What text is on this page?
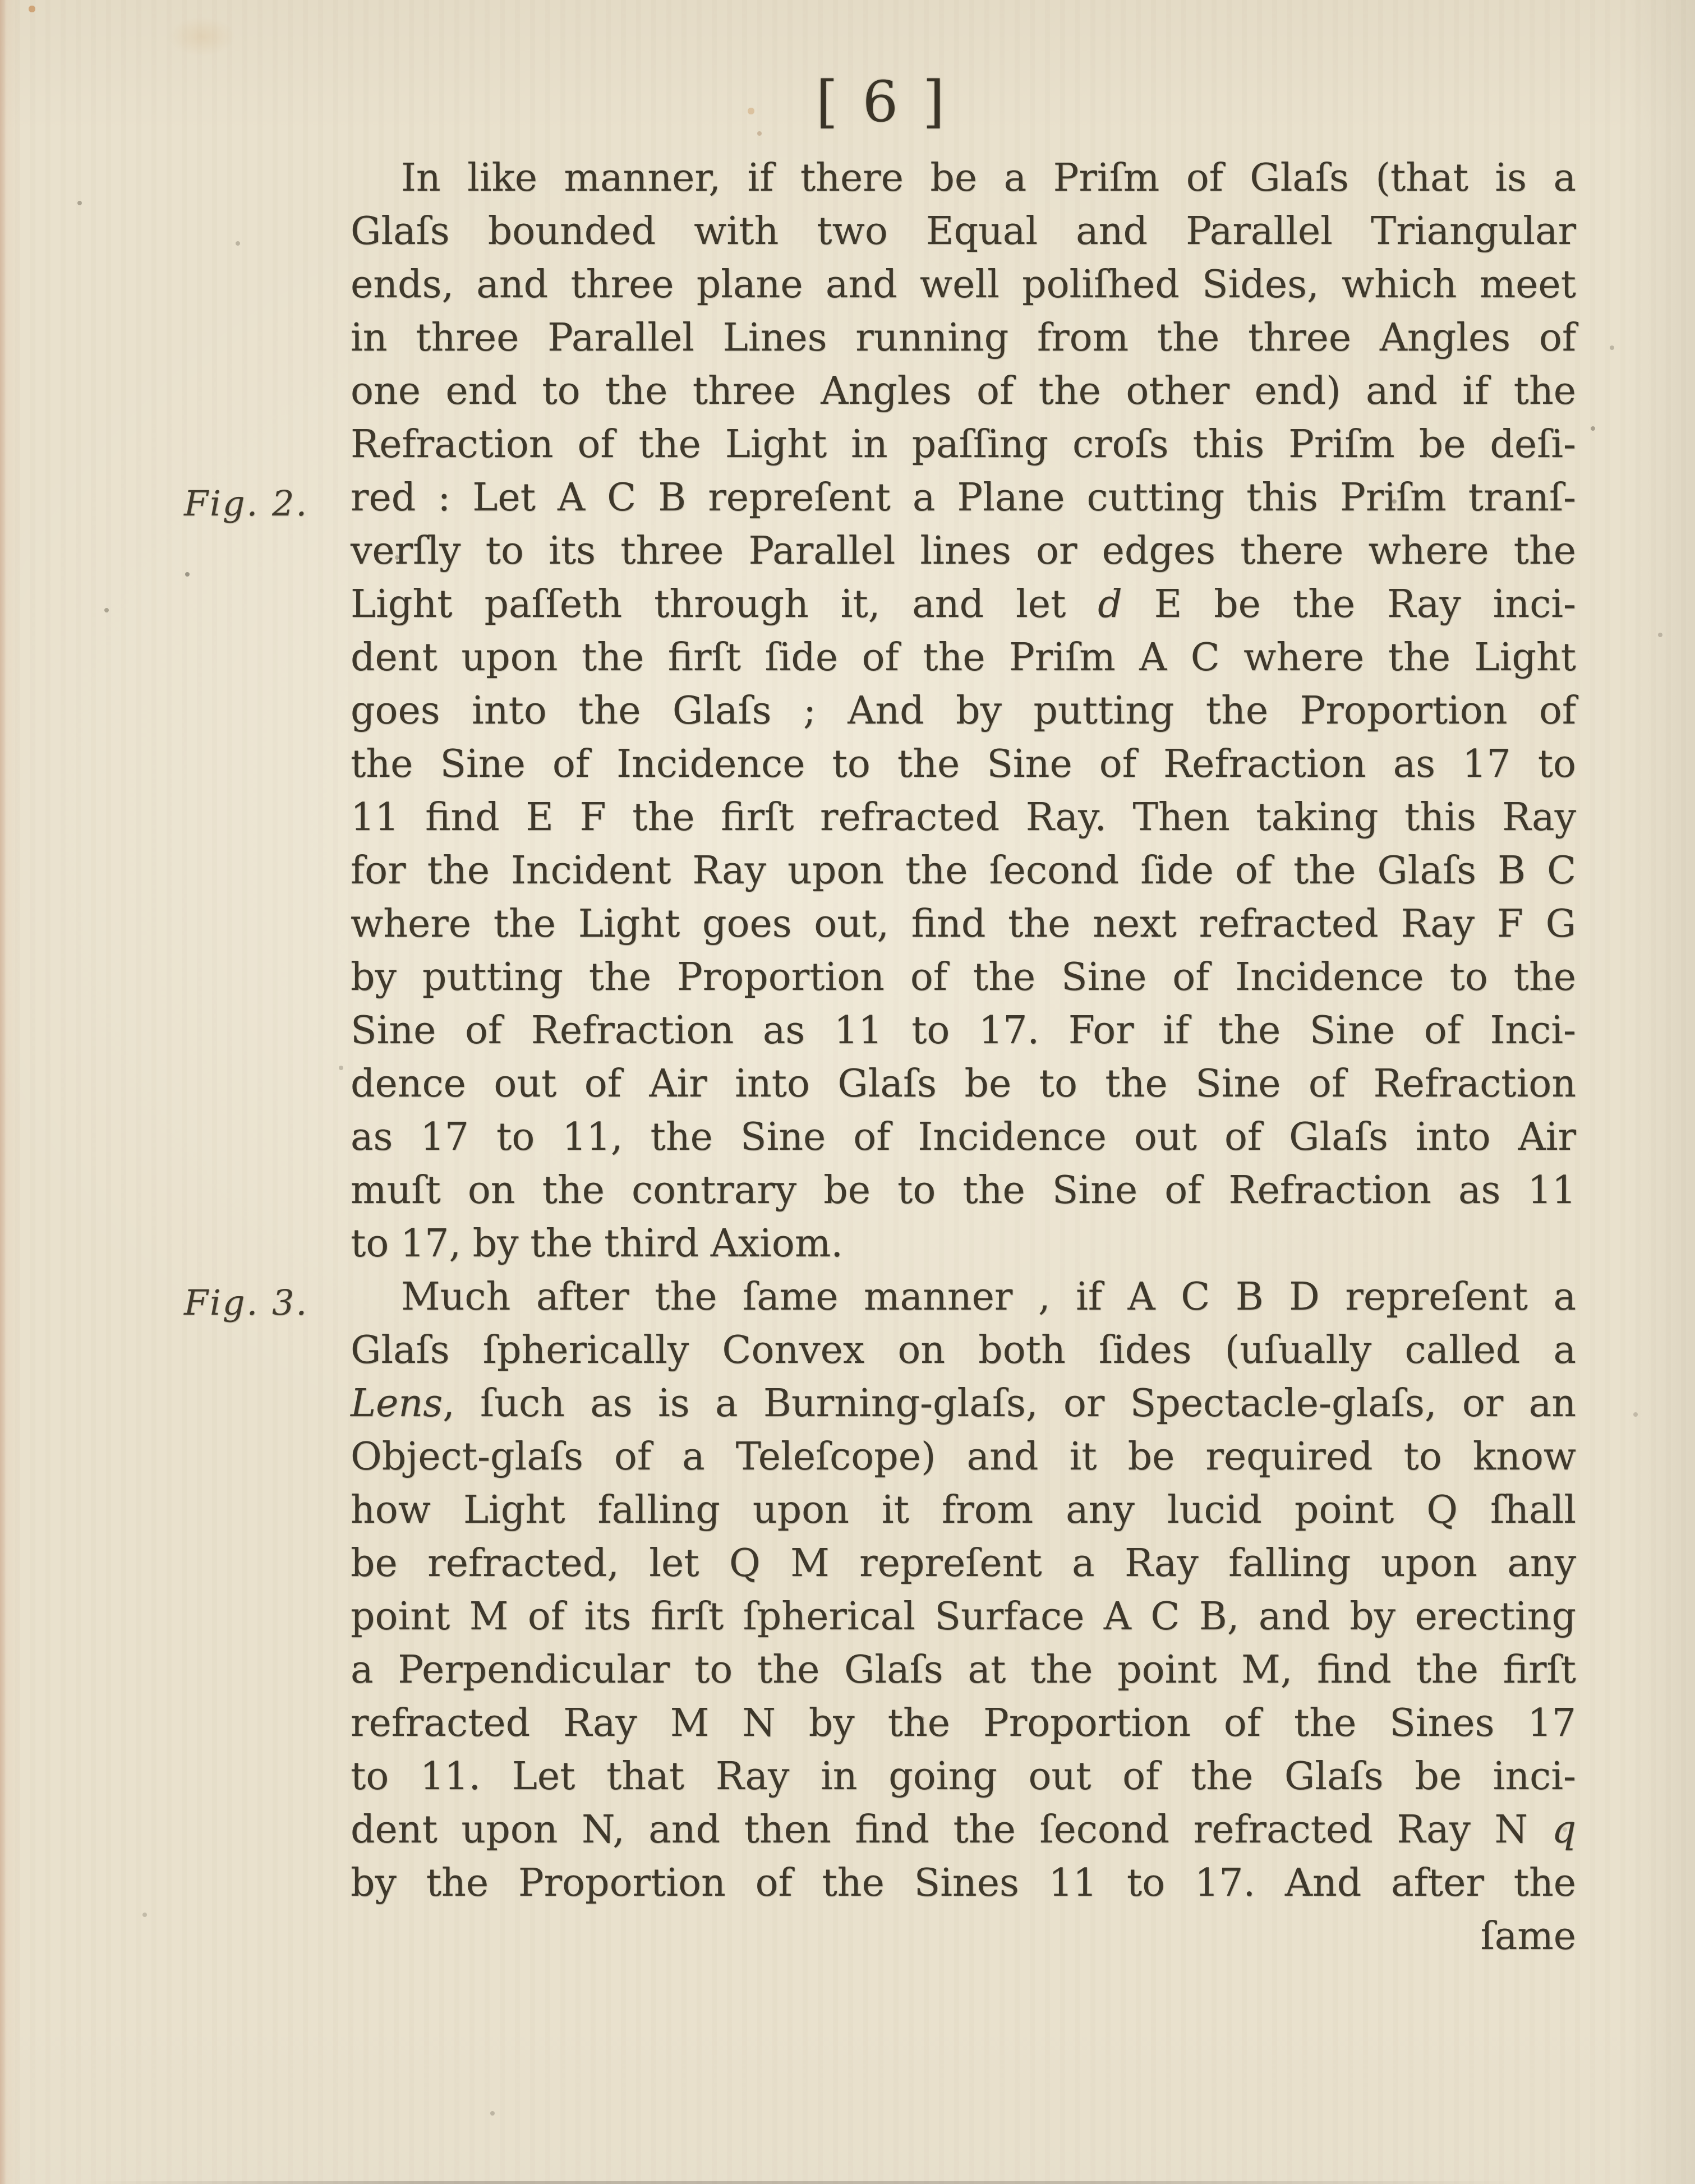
[ 6 ]
In like manner, if there be a Priſm of Glaſs (that is a
Glaſs bounded with two Equal and Parallel Triangular
ends, and three plane and well poliſhed Sides, which meet
in three Parallel Lines running from the three Angles of
one end to the three Angles of the other end) and if the
Refraction of the Light in paſſing croſs this Priſm be deſi-
red : Let A C B repreſent a Plane cutting this Priſm tranſ-
verſly to its three Parallel lines or edges there where the
Light paſſeth through it, and let d E be the Ray inci-
dent upon the firſt ſide of the Priſm A C where the Light
goes into the Glaſs ; And by putting the Proportion of
the Sine of Incidence to the Sine of Refraction as 17 to
11 find E F the firſt refracted Ray. Then taking this Ray
for the Incident Ray upon the ſecond ſide of the Glaſs B C
where the Light goes out, find the next refracted Ray F G
by putting the Proportion of the Sine of Incidence to the
Sine of Refraction as 11 to 17. For if the Sine of Inci-
dence out of Air into Glaſs be to the Sine of Refraction
as 17 to 11, the Sine of Incidence out of Glaſs into Air
muſt on the contrary be to the Sine of Refraction as 11
to 17, by the third Axiom.
Much after the ſame manner , if A C B D repreſent a
Glaſs ſpherically Convex on both ſides (uſually called a
Lens, ſuch as is a Burning-glaſs, or Spectacle-glaſs, or an
Object-glaſs of a Teleſcope) and it be required to know
how Light falling upon it from any lucid point Q ſhall
be refracted, let Q M repreſent a Ray falling upon any
point M of its firſt ſpherical Surface A C B, and by erecting
a Perpendicular to the Glaſs at the point M, find the firſt
refracted Ray M N by the Proportion of the Sines 17
to 11. Let that Ray in going out of the Glaſs be inci-
dent upon N, and then find the ſecond refracted Ray N q
by the Proportion of the Sines 11 to 17. And after the
ſame
Fig. 2.
Fig. 3.
